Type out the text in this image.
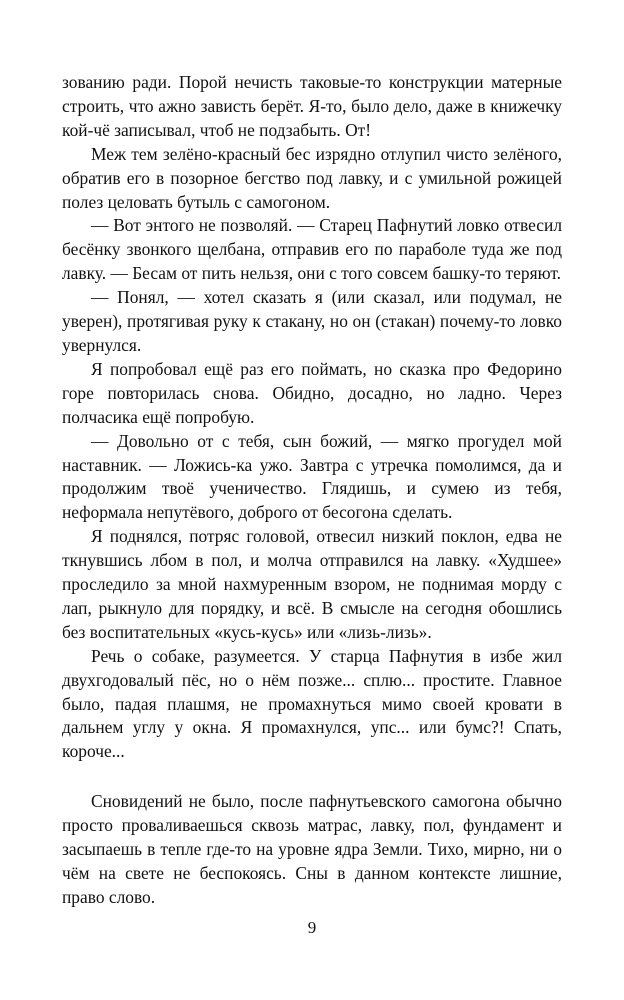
зованию ради. Порой нечисть таковые-то конструкции матерные строить, что ажно зависть берёт. Я-то, было дело, даже в книжечку кой-чё записывал, чтоб не подзабыть. От!

Меж тем зелёно-красный бес изрядно отлупил чисто зелёного, обратив его в позорное бегство под лавку, и с умильной рожицей полез целовать бутыль с самогоном.

— Вот энтого не позволяй. — Старец Пафнутий ловко отвесил бесёнку звонкого щелбана, отправив его по параболе туда же под лавку. — Бесам от пить нельзя, они с того совсем башку-то теряют.

— Понял, — хотел сказать я (или сказал, или подумал, не уверен), протягивая руку к стакану, но он (стакан) почему-то ловко увернулся.

Я попробовал ещё раз его поймать, но сказка про Федорино горе повторилась снова. Обидно, досадно, но ладно. Через полчасика ещё попробую.

— Довольно от с тебя, сын божий, — мягко прогудел мой наставник. — Ложись-ка ужо. Завтра с утречка помолимся, да и продолжим твоё ученичество. Глядишь, и сумею из тебя, неформала непутёвого, доброго от бесогона сделать.

Я поднялся, потряс головой, отвесил низкий поклон, едва не ткнувшись лбом в пол, и молча отправился на лавку. «Худшее» проследило за мной нахмуренным взором, не поднимая морду с лап, рыкнуло для порядку, и всё. В смысле на сегодня обошлись без воспитательных «кусь-кусь» или «лизь-лизь».

Речь о собаке, разумеется. У старца Пафнутия в избе жил двухгодовалый пёс, но о нём позже... сплю... простите. Главное было, падая плашмя, не промахнуться мимо своей кровати в дальнем углу у окна. Я промахнулся, упс... или бумс?! Спать, короче...

Сновидений не было, после пафнутьевского самогона обычно просто проваливаешься сквозь матрас, лавку, пол, фундамент и засыпаешь в тепле где-то на уровне ядра Земли. Тихо, мирно, ни о чём на свете не беспокоясь. Сны в данном контексте лишние, право слово.

9
